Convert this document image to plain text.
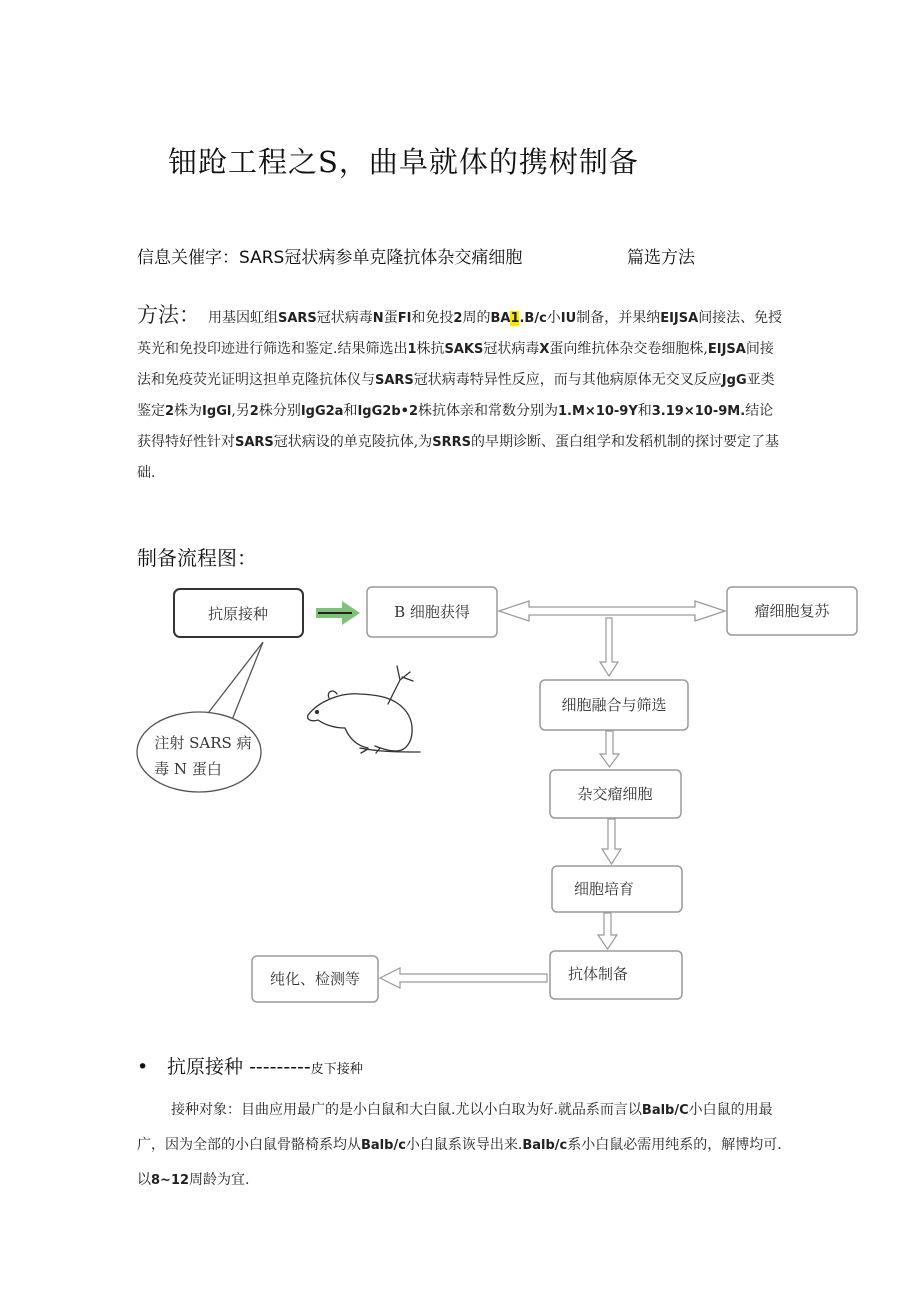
钿跄工程之S，曲阜就体的携树制备
信息关催字：SARS冠状病参单克隆抗体杂交痛细胞	篇选方法
方法： 用基因虹组SARS冠状病毒N蛋FI和免投2周的BA1.B/c小IU制备，并果纳EIJSA间接法、免授英光和免投印迹进行筛选和鉴定.结果筛选出1株抗SAKS冠状病毒X蛋向维抗体杂交卷细胞株,EIJSA间接法和免疫荧光证明这担单克隆抗体仪与SARS冠状病毒特异性反应，而与其他病原体无交叉反应JgG亚类鉴定2株为IgGl,另2株分别IgG2a和IgG2b•2株抗体亲和常数分别为1.M×10-9Y和3.19×10-9M.结论获得特好性针对SARS冠状病设的单克陵抗体,为SRRS的早期诊断、蛋白组学和发稻机制的探讨要定了基础.
制备流程图：
抗原接种	B 细胞获得	瘤细胞复苏
细胞融合与筛选
杂交瘤细胞
细胞培育
抗体制备
纯化、检测等
注射 SARS 病
毒 N 蛋白
• 抗原接种 ---------皮下接种
接种对象：目曲应用最广的是小白鼠和大白鼠.尤以小白取为好.就品系而言以Balb/C小白鼠的用最广，因为全部的小白鼠骨骼椅系均从Balb/c小白鼠系诙导出来.Balb/c系小白鼠必需用纯系的，解博均可.以8~12周龄为宜.
